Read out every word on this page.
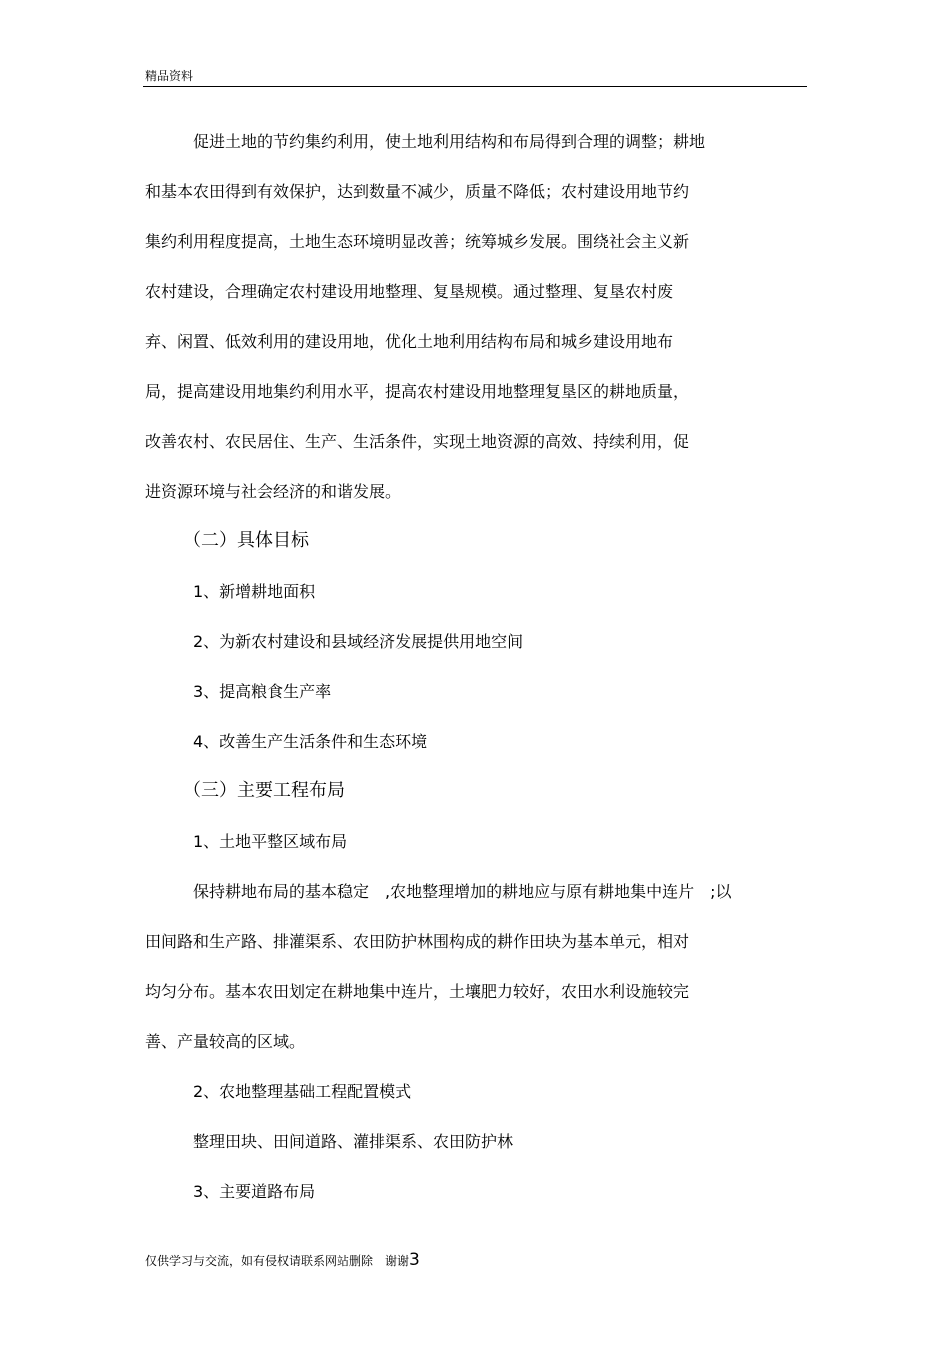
精品资料
促进土地的节约集约利用，使土地利用结构和布局得到合理的调整；耕地
和基本农田得到有效保护，达到数量不减少，质量不降低；农村建设用地节约
集约利用程度提高，土地生态环境明显改善；统筹城乡发展。围绕社会主义新
农村建设，合理确定农村建设用地整理、复垦规模。通过整理、复垦农村废
弃、闲置、低效利用的建设用地，优化土地利用结构布局和城乡建设用地布
局，提高建设用地集约利用水平，提高农村建设用地整理复垦区的耕地质量，
改善农村、农民居住、生产、生活条件，实现土地资源的高效、持续利用，促
进资源环境与社会经济的和谐发展。
（二）具体目标
1、新增耕地面积
2、为新农村建设和县域经济发展提供用地空间
3、提高粮食生产率
4、改善生产生活条件和生态环境
（三）主要工程布局
1、土地平整区域布局
保持耕地布局的基本稳定　,农地整理增加的耕地应与原有耕地集中连片　;以
田间路和生产路、排灌渠系、农田防护林围构成的耕作田块为基本单元，相对
均匀分布。基本农田划定在耕地集中连片，土壤肥力较好，农田水利设施较完
善、产量较高的区域。
2、农地整理基础工程配置模式
整理田块、田间道路、灌排渠系、农田防护林
3、主要道路布局
仅供学习与交流，如有侵权请联系网站删除　谢谢3
